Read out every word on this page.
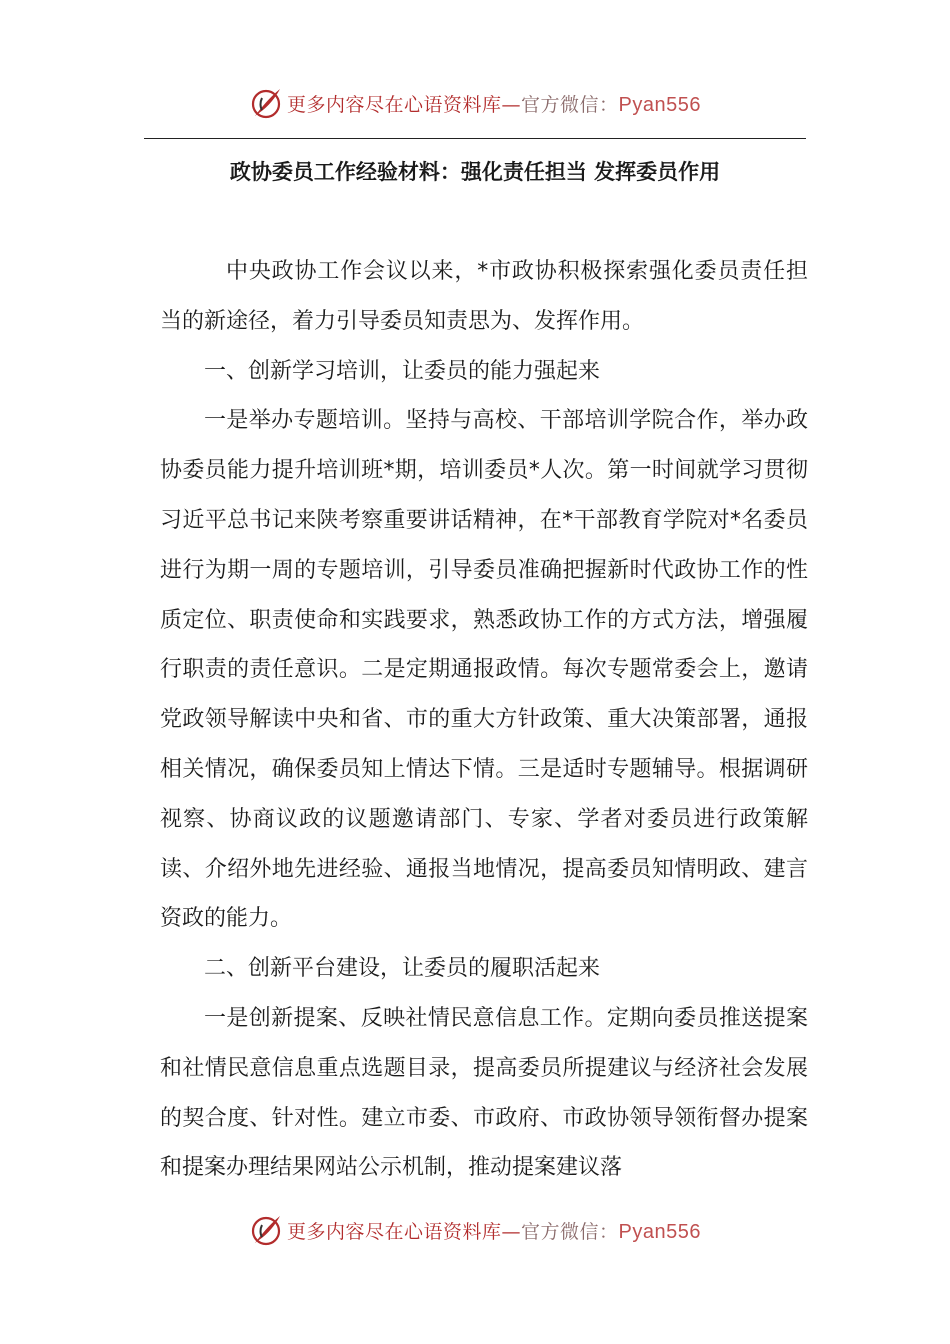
更多内容尽在心语资料库—官方微信：Pyan556
政协委员工作经验材料：强化责任担当 发挥委员作用

中央政协工作会议以来，*市政协积极探索强化委员责任担当的新途径，着力引导委员知责思为、发挥作用。

一、创新学习培训，让委员的能力强起来

一是举办专题培训。坚持与高校、干部培训学院合作，举办政协委员能力提升培训班*期，培训委员*人次。第一时间就学习贯彻习近平总书记来陕考察重要讲话精神，在*干部教育学院对*名委员进行为期一周的专题培训，引导委员准确把握新时代政协工作的性质定位、职责使命和实践要求，熟悉政协工作的方式方法，增强履行职责的责任意识。二是定期通报政情。每次专题常委会上，邀请党政领导解读中央和省、市的重大方针政策、重大决策部署，通报相关情况，确保委员知上情达下情。三是适时专题辅导。根据调研视察、协商议政的议题邀请部门、专家、学者对委员进行政策解读、介绍外地先进经验、通报当地情况，提高委员知情明政、建言资政的能力。

二、创新平台建设，让委员的履职活起来

一是创新提案、反映社情民意信息工作。定期向委员推送提案和社情民意信息重点选题目录，提高委员所提建议与经济社会发展的契合度、针对性。建立市委、市政府、市政协领导领衔督办提案和提案办理结果网站公示机制，推动提案建议落

更多内容尽在心语资料库—官方微信：Pyan556
